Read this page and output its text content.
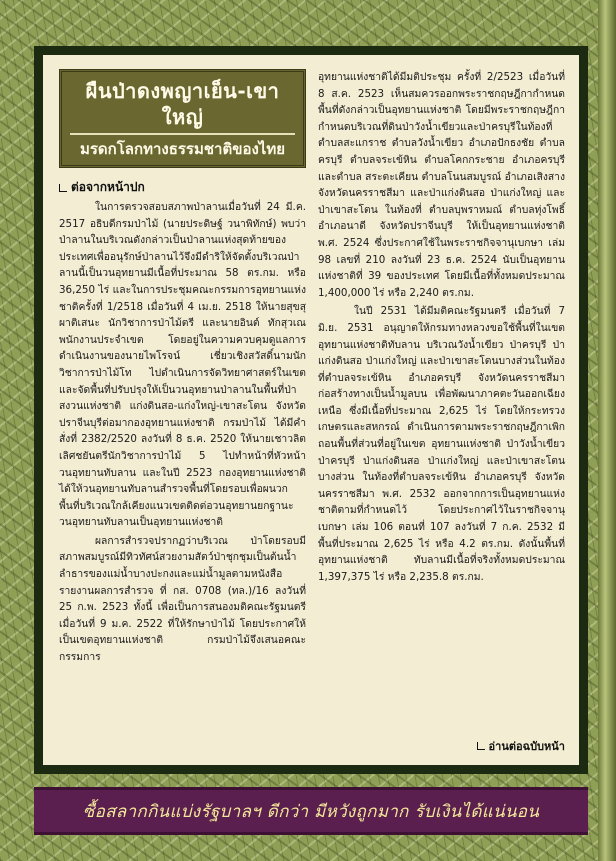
ผืนป่าดงพญาเย็น-เขาใหญ่
มรดกโลกทางธรรมชาติของไทย
ต่อจากหน้าปก

ในการตรวจสอบสภาพป่าลานเมื่อวันที่ 24 มี.ค. 2517 อธิบดีกรมป่าไม้ (นายประดิษฐ์ วนาพิทักษ์) พบว่าป่าลานในบริเวณดังกล่าวเป็นป่าลานแห่งสุดท้ายของประเทศเพื่ออนุรักษ์ป่าลานไว้จึงมีดำริให้จัดตั้งบริเวณป่าลานนี้เป็นวนอุทยานมีเนื้อที่ประมาณ 58 ตร.กม. หรือ 36,250 ไร่ และในการประชุมคณะกรรมการอุทยานแห่งชาติครั้งที่ 1/2518 เมื่อวันที่ 4 เม.ย. 2518 ให้นายสุขสุ ผาติเสนะ นักวิชาการป่าไม้ตรี และนายอินต์ ทักสุวเณ พนักงานประจำเขต โดยอยู่ในความควบคุมดูแลการดำเนินงานของนายไพโรจน์ เชี่ยวเชิงสวัสดิ์นามนักวิชาการป่าไม้โท ไปดำเนินการจัดวิทยาศาสตร์ในเขต และจัดพื้นที่ปรับปรุงให้เป็นวนอุทยานป่าลานในพื้นที่ป่าสงวนแห่งชาติ แก่งดินสอ-แก่งใหญ่-เขาสะโตน จังหวัดปราจีนบุรีต่อมากองอุทยานแห่งชาติ กรมป่าไม้ ได้มีคำสั่งที่ 2382/2520 ลงวันที่ 8 ธ.ค. 2520 ให้นายเชาวลิต เลิศชยันตรีนักวิชาการป่าไม้ 5 ไปทำหน้าที่หัวหน้าวนอุทยานทับลาน และในปี 2523 กองอุทยานแห่งชาติ ได้ให้วนอุทยานทับลานสำรวจพื้นที่โดยรอบเพื่อผนวกพื้นที่บริเวณใกล้เคียงแนวเขตติดต่อวนอุทยานยกฐานะวนอุทยานทับลานเป็นอุทยานแห่งชาติ

ผลการสำรวจปรากฏว่าบริเวณ ป่าโดยรอบมีสภาพสมบูรณ์มีทิวทัศน์สวยงามสัตว์ป่าชุกชุมเป็นต้นน้ำลำธารของแม่น้ำบางปะกงและแม่น้ำมูลตามหนังสือรายงานผลการสำรวจ ที่ กส. 0708 (ทล.)/16 ลงวันที่ 25 ก.พ. 2523 ทั้งนี้ เพื่อเป็นการสนองมติคณะรัฐมนตรี เมื่อวันที่ 9 ม.ค. 2522 ที่ให้รักษาป่าไม้ โดยประกาศให้เป็นเขตอุทยานแห่งชาติ กรมป่าไม้จึงเสนอคณะกรรมการ

อุทยานแห่งชาติได้มีมติประชุม ครั้งที่ 2/2523 เมื่อวันที่ 8 ส.ค. 2523 เห็นสมควรออกพระราชกฤษฎีกากำหนดพื้นที่ดังกล่าวเป็นอุทยานแห่งชาติ โดยมีพระราชกฤษฎีกา กำหนดบริเวณที่ดินป่าวังน้ำเขียวและป่าครบุรีในท้องที่ตำบลสะแกราช ตำบลวังน้ำเขียว อำเภอปักธงชัย ตำบลครบุรี ตำบลจระเข้หิน ตำบลโคกกระชาย อำเภอครบุรี และตำบล สระตะเคียน ตำบลโนนสมบูรณ์ อำเภอเสิงสาง จังหวัดนครราชสีมา และป่าแก่งดินสอ ป่าแก่งใหญ่ และป่าเขาสะโตน ในท้องที่ ตำบลบุพราหมณ์ ตำบลทุ่งโพธิ์ อำเภอนาดี จังหวัดปราจีนบุรี ให้เป็นอุทยานแห่งชาติ พ.ศ. 2524 ซึ่งประกาศใช้ในพระราชกิจจานุเบกษา เล่ม 98 เลขที่ 210 ลงวันที่ 23 ธ.ค. 2524 นับเป็นอุทยานแห่งชาติที่ 39 ของประเทศ โดยมีเนื้อที่ทั้งหมดประมาณ 1,400,000 ไร่ หรือ 2,240 ตร.กม.

ในปี 2531 ได้มีมติคณะรัฐมนตรี เมื่อวันที่ 7 มิ.ย. 2531 อนุญาตให้กรมทางหลวงขอใช้พื้นที่ในเขตอุทยานแห่งชาติทับลาน บริเวณวังน้ำเขียว ป่าครบุรี ป่าแก่งดินสอ ป่าแก่งใหญ่ และป่าเขาสะโตนบางส่วนในท้องที่ตำบลจระเข้หิน อำเภอครบุรี จังหวัดนครราชสีมา ก่อสร้างทางเป็นน้ำมูลบน เพื่อพัฒนาภาคตะวันออกเฉียงเหนือ ซึ่งมีเนื้อที่ประมาณ 2,625 ไร่ โดยให้กระทรวงเกษตรและสหกรณ์ ดำเนินการตามพระราชกฤษฎีกาเพิกถอนพื้นที่ส่วนที่อยู่ในเขต อุทยานแห่งชาติ ป่าวังน้ำเขียว ป่าครบุรี ป่าแก่งดินสอ ป่าแก่งใหญ่ และป่าเขาสะโตน บางส่วน ในท้องที่ตำบลจระเข้หิน อำเภอครบุรี จังหวัดนครราชสีมา พ.ศ. 2532 ออกจากการเป็นอุทยานแห่งชาติตามที่กำหนดไว้ โดยประกาศไว้ในราชกิจจานุเบกษา เล่ม 106 ตอนที่ 107 ลงวันที่ 7 ก.ค. 2532 มีพื้นที่ประมาณ 2,625 ไร่ หรือ 4.2 ตร.กม. ดังนั้นพื้นที่อุทยานแห่งชาติ ทับลานมีเนื้อที่จริงทั้งหมดประมาณ 1,397,375 ไร่ หรือ 2,235.8 ตร.กม.

อ่านต่อฉบับหน้า
ซื้อสลากกินแบ่งรัฐบาลฯ ดีกว่า มีหวังถูกมาก รับเงินได้แน่นอน
